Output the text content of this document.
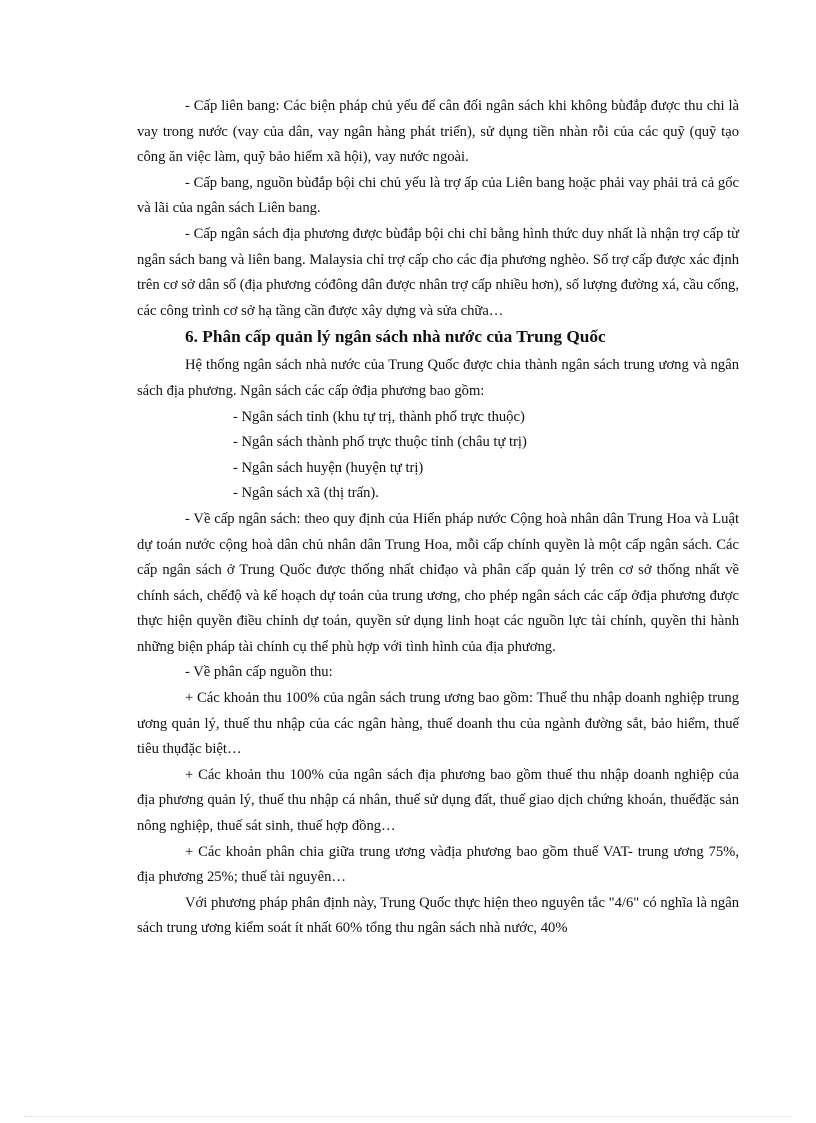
- Cấp liên bang: Các biện pháp chủ yếu để cân đối ngân sách khi không bùđắp được thu chi là vay trong nước (vay của dân, vay ngân hàng phát triển), sử dụng tiền nhàn rỗi của các quỹ (quỹ tạo công ăn việc làm, quỹ bảo hiểm xã hội), vay nước ngoài.

- Cấp bang, nguồn bùđắp bội chi chủ yếu là trợ ấp của Liên bang hoặc phải vay phải trả cả gốc và lãi của ngân sách Liên bang.

- Cấp ngân sách địa phương được bùđắp bội chi chỉ bằng hình thức duy nhất là nhận trợ cấp từ ngân sách bang và liên bang. Malaysia chỉ trợ cấp cho các địa phương nghèo. Số trợ cấp được xác định trên cơ sở dân số (địa phương cóđông dân được nhân trợ cấp nhiều hơn), số lượng đường xá, cầu cống, các công trình cơ sở hạ tầng cần được xây dựng và sửa chữa…

6. Phân cấp quản lý ngân sách nhà nước của Trung Quốc

Hệ thống ngân sách nhà nước của Trung Quốc được chia thành ngân sách trung ương và ngân sách địa phương. Ngân sách các cấp ởđịa phương bao gồm:

- Ngân sách tỉnh (khu tự trị, thành phố trực thuộc)

- Ngân sách thành phố trực thuộc tỉnh (châu tự trị)

- Ngân sách huyện (huyện tự trị)

- Ngân sách xã (thị trấn).

- Về cấp ngân sách: theo quy định của Hiến pháp nước Cộng hoà nhân dân Trung Hoa và Luật dự toán nước cộng hoà dân chủ nhân dân Trung Hoa, mỗi cấp chính quyền là một cấp ngân sách. Các cấp ngân sách ở Trung Quốc được thống nhất chỉđạo và phân cấp quản lý trên cơ sở thống nhất về chính sách, chếđộ và kế hoạch dự toán của trung ương, cho phép ngân sách các cấp ởđịa phương được thực hiện quyền điều chỉnh dự toán, quyền sử dụng linh hoạt các nguồn lực tài chính, quyền thi hành những biện pháp tài chính cụ thể phù hợp với tình hình của địa phương.

- Về phân cấp nguồn thu:

+ Các khoản thu 100% của ngân sách trung ương bao gồm: Thuế thu nhập doanh nghiệp trung ương quản lý, thuế thu nhập của các ngân hàng, thuế doanh thu của ngành đường sắt, bảo hiểm, thuế tiêu thụđặc biệt…

+ Các khoản thu 100% của ngân sách địa phương bao gồm thuế thu nhập doanh nghiệp của địa phương quản lý, thuế thu nhập cá nhân, thuế sử dụng đất, thuế giao dịch chứng khoán, thuếđặc sản nông nghiệp, thuế sát sinh, thuế hợp đồng…

+ Các khoản phân chia giữa trung ương vàđịa phương bao gồm thuế VAT- trung ương 75%, địa phương 25%; thuế tài nguyên…

Với phương pháp phân định này, Trung Quốc thực hiện theo nguyên tắc "4/6" có nghĩa là ngân sách trung ương kiểm soát ít nhất 60% tổng thu ngân sách nhà nước, 40%
